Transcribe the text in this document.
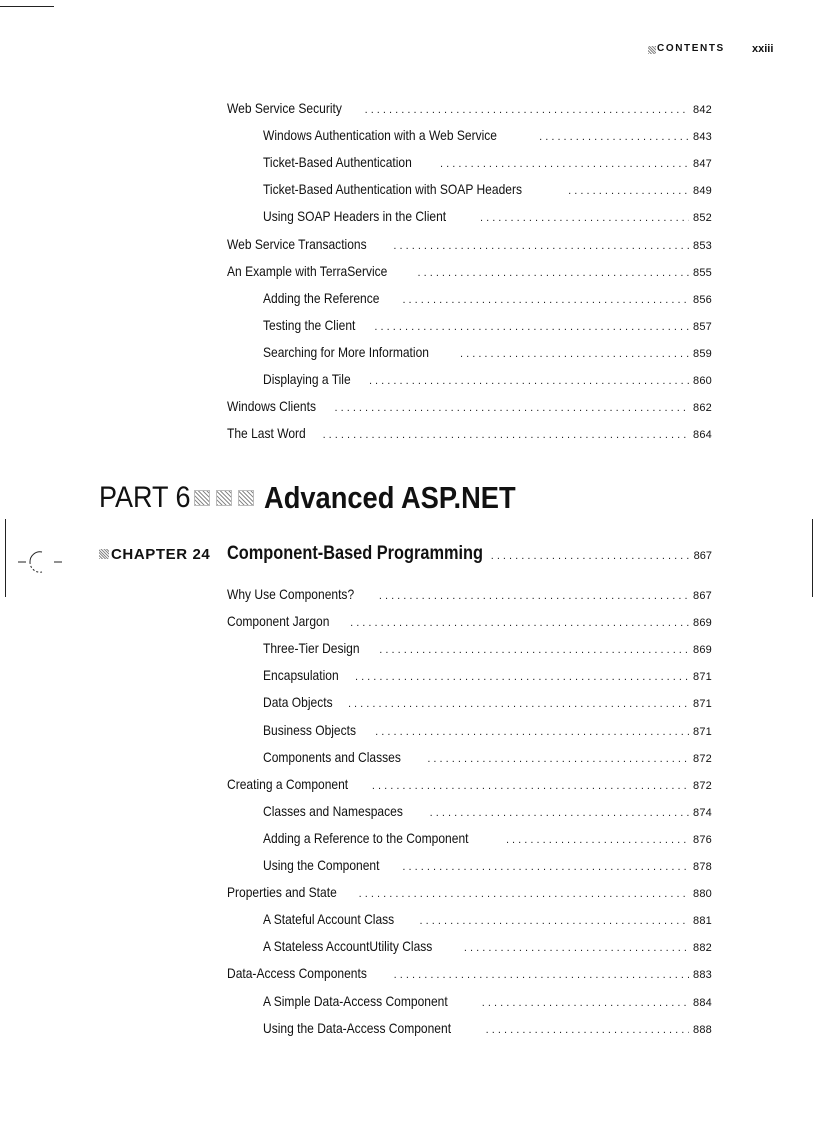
CONTENTS xxiii
Web Service Security . . .	842
Windows Authentication with a Web Service . . .	843
Ticket-Based Authentication . . .	847
Ticket-Based Authentication with SOAP Headers . . .	849
Using SOAP Headers in the Client . . .	852
Web Service Transactions . . .	853
An Example with TerraService . . .	855
Adding the Reference . . .	856
Testing the Client . . .	857
Searching for More Information . . .	859
Displaying a Tile . . .	860
Windows Clients . . .	862
The Last Word . . .	864
PART 6 Advanced ASP.NET
CHAPTER 24 Component-Based Programming . . .	867
Why Use Components? . . .	867
Component Jargon . . .	869
Three-Tier Design . . .	869
Encapsulation . . .	871
Data Objects . . .	871
Business Objects . . .	871
Components and Classes . . .	872
Creating a Component . . .	872
Classes and Namespaces . . .	874
Adding a Reference to the Component . . .	876
Using the Component . . .	878
Properties and State . . .	880
A Stateful Account Class . . .	881
A Stateless AccountUtility Class . . .	882
Data-Access Components . . .	883
A Simple Data-Access Component . . .	884
Using the Data-Access Component . . .	888
